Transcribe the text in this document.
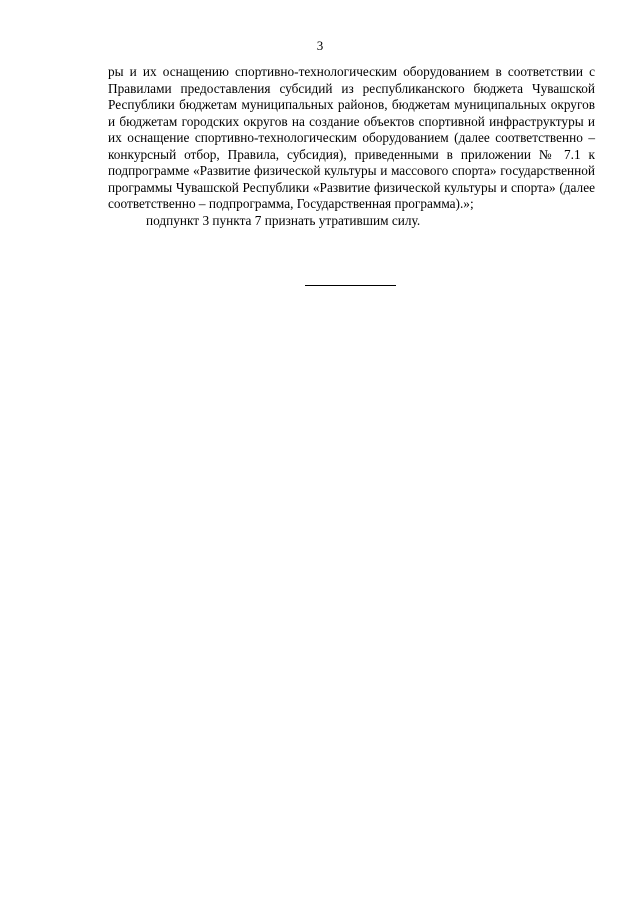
3

ры и их оснащению спортивно-технологическим оборудованием в соответствии с Правилами предоставления субсидий из республиканского бюджета Чувашской Республики бюджетам муниципальных районов, бюджетам муниципальных округов и бюджетам городских округов на создание объектов спортивной инфраструктуры и их оснащение спортивно-технологическим оборудованием (далее соответственно – конкурсный отбор, Правила, субсидия), приведенными в приложении № 7.1 к подпрограмме «Развитие физической культуры и массового спорта» государственной программы Чувашской Республики «Развитие физической культуры и спорта» (далее соответственно – подпрограмма, Государственная программа).»;

подпункт 3 пункта 7 признать утратившим силу.
